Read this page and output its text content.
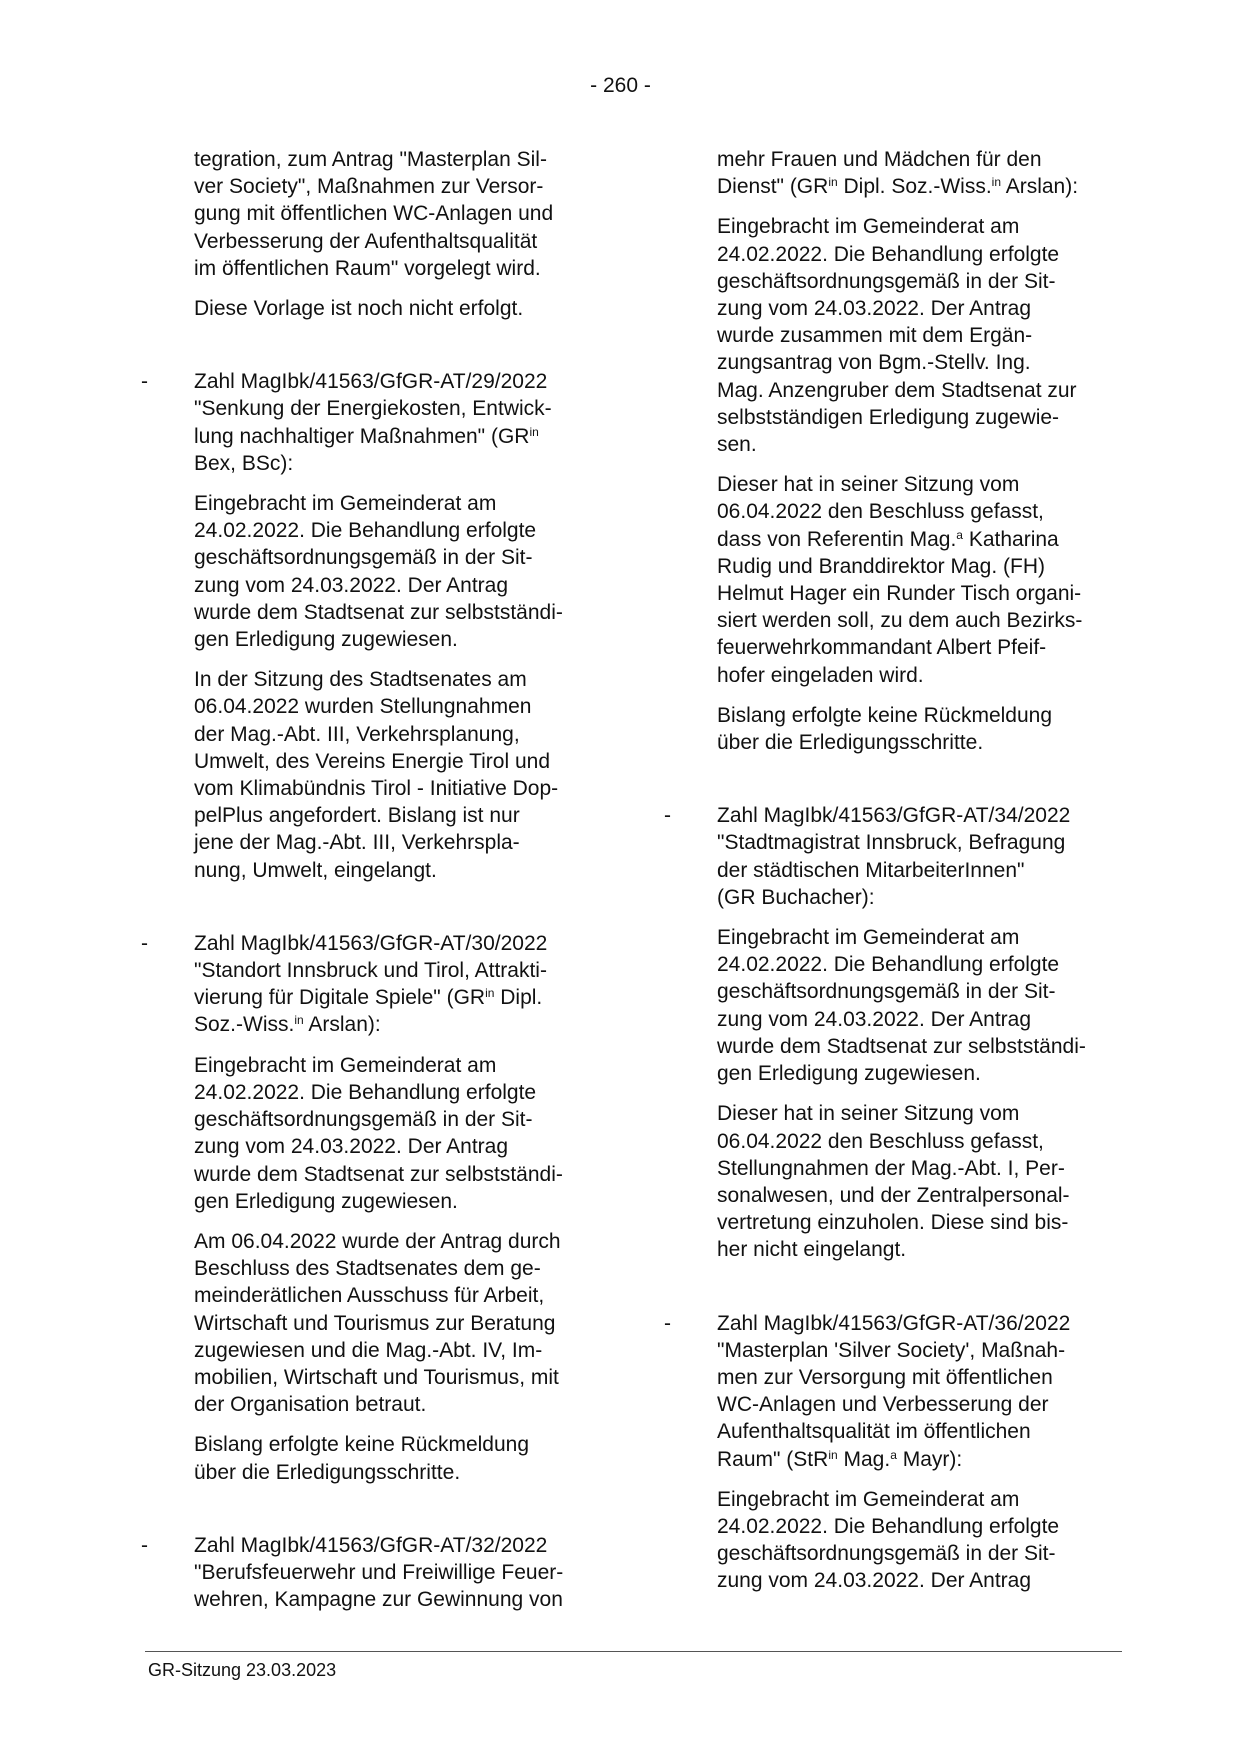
- 260 -
tegration, zum Antrag "Masterplan Sil-
ver Society", Maßnahmen zur Versor-
gung mit öffentlichen WC-Anlagen und
Verbesserung der Aufenthaltsqualität
im öffentlichen Raum" vorgelegt wird.
Diese Vorlage ist noch nicht erfolgt.
- Zahl MagIbk/41563/GfGR-AT/29/2022
"Senkung der Energiekosten, Entwick-
lung nachhaltiger Maßnahmen" ($GR^{in}$
Bex, BSc):
Eingebracht im Gemeinderat am
24.02.2022. Die Behandlung erfolgte
geschäftsordnungsgemäß in der Sit-
zung vom 24.03.2022. Der Antrag
wurde dem Stadtsenat zur selbstständi-
gen Erledigung zugewiesen.
In der Sitzung des Stadtsenates am
06.04.2022 wurden Stellungnahmen
der Mag.-Abt. III, Verkehrsplanung,
Umwelt, des Vereins Energie Tirol und
vom Klimabündnis Tirol - Initiative Dop-
pelPlus angefordert. Bislang ist nur
jene der Mag.-Abt. III, Verkehrspla-
nung, Umwelt, eingelangt.
- Zahl MagIbk/41563/GfGR-AT/30/2022
"Standort Innsbruck und Tirol, Attrakti-
vierung für Digitale Spiele" ($GR^{in}$ Dipl.
Soz.-Wiss.$^{in}$ Arslan):
Eingebracht im Gemeinderat am
24.02.2022. Die Behandlung erfolgte
geschäftsordnungsgemäß in der Sit-
zung vom 24.03.2022. Der Antrag
wurde dem Stadtsenat zur selbstständi-
gen Erledigung zugewiesen.
Am 06.04.2022 wurde der Antrag durch
Beschluss des Stadtsenates dem ge-
meinderätlichen Ausschuss für Arbeit,
Wirtschaft und Tourismus zur Beratung
zugewiesen und die Mag.-Abt. IV, Im-
mobilien, Wirtschaft und Tourismus, mit
der Organisation betraut.
Bislang erfolgte keine Rückmeldung
über die Erledigungsschritte.
- Zahl MagIbk/41563/GfGR-AT/32/2022
"Berufsfeuerwehr und Freiwillige Feuer-
wehren, Kampagne zur Gewinnung von
mehr Frauen und Mädchen für den
Dienst" ($GR^{in}$ Dipl. Soz.-Wiss.$^{in}$ Arslan):
Eingebracht im Gemeinderat am
24.02.2022. Die Behandlung erfolgte
geschäftsordnungsgemäß in der Sit-
zung vom 24.03.2022. Der Antrag
wurde zusammen mit dem Ergän-
zungsantrag von Bgm.-Stellv. Ing.
Mag. Anzengruber dem Stadtsenat zur
selbstständigen Erledigung zugewie-
sen.
Dieser hat in seiner Sitzung vom
06.04.2022 den Beschluss gefasst,
dass von Referentin Mag.$^a$ Katharina
Rudig und Branddirektor Mag. (FH)
Helmut Hager ein Runder Tisch organi-
siert werden soll, zu dem auch Bezirks-
feuerwehrkommandant Albert Pfeif-
hofer eingeladen wird.
Bislang erfolgte keine Rückmeldung
über die Erledigungsschritte.
- Zahl MagIbk/41563/GfGR-AT/34/2022
"Stadtmagistrat Innsbruck, Befragung
der städtischen MitarbeiterInnen"
(GR Buchacher):
Eingebracht im Gemeinderat am
24.02.2022. Die Behandlung erfolgte
geschäftsordnungsgemäß in der Sit-
zung vom 24.03.2022. Der Antrag
wurde dem Stadtsenat zur selbstständi-
gen Erledigung zugewiesen.
Dieser hat in seiner Sitzung vom
06.04.2022 den Beschluss gefasst,
Stellungnahmen der Mag.-Abt. I, Per-
sonalwesen, und der Zentralpersonal-
vertretung einzuholen. Diese sind bis-
her nicht eingelangt.
- Zahl MagIbk/41563/GfGR-AT/36/2022
"Masterplan 'Silver Society', Maßnah-
men zur Versorgung mit öffentlichen
WC-Anlagen und Verbesserung der
Aufenthaltsqualität im öffentlichen
Raum" (StR$^{in}$ Mag.$^a$ Mayr):
Eingebracht im Gemeinderat am
24.02.2022. Die Behandlung erfolgte
geschäftsordnungsgemäß in der Sit-
zung vom 24.03.2022. Der Antrag
GR-Sitzung 23.03.2023
